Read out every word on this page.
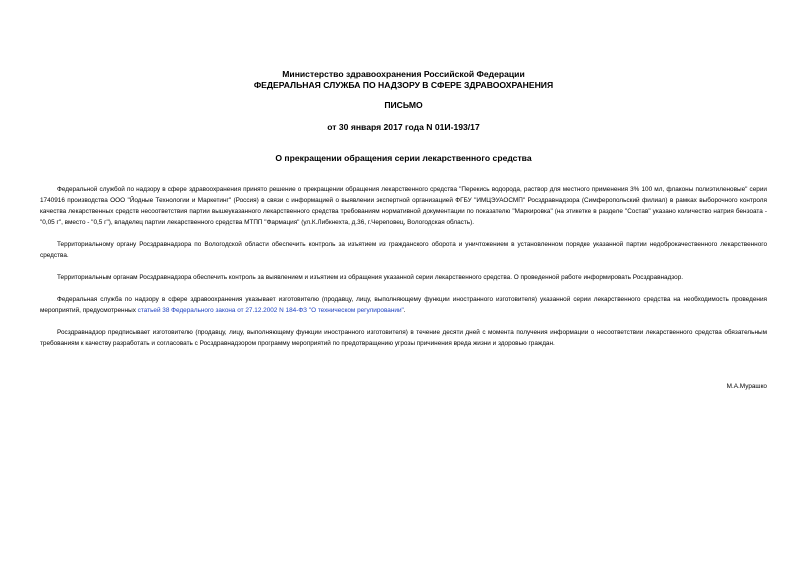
Министерство здравоохранения Российской Федерации
ФЕДЕРАЛЬНАЯ СЛУЖБА ПО НАДЗОРУ В СФЕРЕ ЗДРАВООХРАНЕНИЯ
ПИСЬМО
от 30 января 2017 года N 01И-193/17
О прекращении обращения серии лекарственного средства

Федеральной службой по надзору в сфере здравоохранения принято решение о прекращении обращения лекарственного средства "Перекись водорода, раствор для местного применения 3% 100 мл, флаконы полиэтиленовые" серии 1740916 производства ООО "Йодные Технологии и Маркетинг" (Россия) в связи с информацией о выявлении экспертной организацией ФГБУ "ИМЦЭУАОСМП" Росздравнадзора (Симферопольский филиал) в рамках выборочного контроля качества лекарственных средств несоответствия партии вышеуказанного лекарственного средства требованиям нормативной документации по показателю "Маркировка" (на этикетке в разделе "Состав" указано количество натрия бензоата - "0,05 г", вместо - "0,5 г"), владелец партии лекарственного средства МТПП "Фармация" (ул.К.Либкнехта, д.36, г.Череповец, Вологодская область).

Территориальному органу Росздравнадзора по Вологодской области обеспечить контроль за изъятием из гражданского оборота и уничтожением в установленном порядке указанной партии недоброкачественного лекарственного средства.

Территориальным органам Росздравнадзора обеспечить контроль за выявлением и изъятием из обращения указанной серии лекарственного средства. О проведенной работе информировать Росздравнадзор.

Федеральная служба по надзору в сфере здравоохранения указывает изготовителю (продавцу, лицу, выполняющему функции иностранного изготовителя) указанной серии лекарственного средства на необходимость проведения мероприятий, предусмотренных статьей 38 Федерального закона от 27.12.2002 N 184-ФЗ "О техническом регулировании".

Росздравнадзор предписывает изготовителю (продавцу, лицу, выполняющему функции иностранного изготовителя) в течение десяти дней с момента получения информации о несоответствии лекарственного средства обязательным требованиям к качеству разработать и согласовать с Росздравнадзором программу мероприятий по предотвращению угрозы причинения вреда жизни и здоровью граждан.

М.А.Мурашко
